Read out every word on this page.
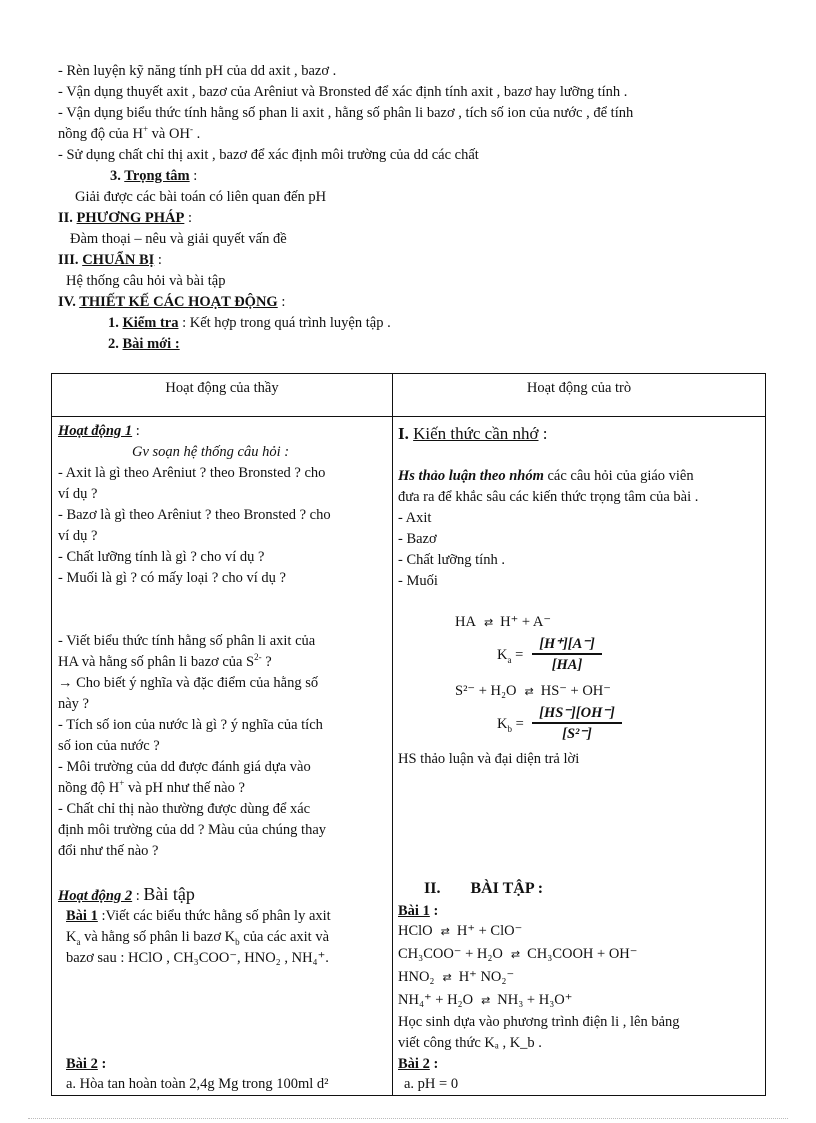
- Rèn luyện kỹ năng tính pH của dd axit , bazơ .
- Vận dụng thuyết axit , bazơ của Arêniut và Bronsted để xác định tính axit , bazơ hay lưỡng tính .
- Vận dụng biểu thức tính hằng số phan li axit , hằng số phân li bazơ , tích số ion của nước , để tính
nồng độ của H+ và OH- .
- Sử dụng chất chỉ thị axit , bazơ để xác định môi trường của dd các chất
3. Trọng tâm :
Giải được các bài toán có liên quan đến pH
II. PHƯƠNG PHÁP :
Đàm thoại – nêu và giải quyết vấn đề
III. CHUẨN BỊ :
Hệ thống câu hỏi và bài tập
IV. THIẾT KẾ CÁC HOẠT ĐỘNG :
1. Kiểm tra : Kết hợp trong quá trình luyện tập .
2. Bài mới :
Hoạt động của thầy	Hoạt động của trò
Hoạt động 1 :
Gv soạn hệ thống câu hỏi :
- Axit là gì theo Arêniut ? theo Bronsted ? cho
ví dụ ?
- Bazơ là gì theo Arêniut ? theo Bronsted ? cho
ví dụ ?
- Chất lưỡng tính là gì ? cho ví dụ ?
- Muối là gì ? có mấy loại ? cho ví dụ ?
- Viết biểu thức tính hằng số phân li axit của
HA và hằng số phân li bazơ của $S^{2-}$ ?
→ Cho biết ý nghĩa và đặc điểm của hằng số
này ?
- Tích số ion của nước là gì ? ý nghĩa của tích
số ion của nước ?
- Môi trường của dd được đánh giá dựa vào
nồng độ H+ và pH như thế nào ?
- Chất chỉ thị nào thường được dùng để xác
định môi trường của dd ? Màu của chúng thay
đổi như thế nào ?
Hoạt động 2 : Bài tập
Bài 1 :Viết các biểu thức hằng số phân ly axit
$K_a$ và hằng số phân li bazơ $K_b$ của các axit và
bazơ sau : HClO , CH₃COO⁻, HNO₂ , NH₄⁺.
Bài 2 :
a. Hòa tan hoàn toàn 2,4g Mg trong 100ml d²
I. Kiến thức cần nhớ :
Hs thảo luận theo nhóm các câu hỏi của giáo viên
đưa ra để khắc sâu các kiến thức trọng tâm của bài .
- Axit
- Bazơ
- Chất lưỡng tính .
- Muối
HA ⇄ H⁺ + A⁻
$K_a$ =
[H⁺][A⁻]
[HA]
S²⁻ + H₂O ⇄ HS⁻ + OH⁻
$K_b$ =
[HS⁻][OH⁻]
[S²⁻]
HS thảo luận và đại diện trả lời
II. BÀI TẬP :
Bài 1 :
HClO ⇄ H⁺ + ClO⁻
CH₃COO⁻ + H₂O ⇄ CH₃COOH + OH⁻
HNO₂ ⇄ H⁺ NO₂⁻
NH₄⁺ + H₂O ⇄ NH₃ + H₃O⁺
Học sinh dựa vào phương trình điện li , lên bảng
viết công thức Kₐ , K_b .
Bài 2 :
a. pH = 0
